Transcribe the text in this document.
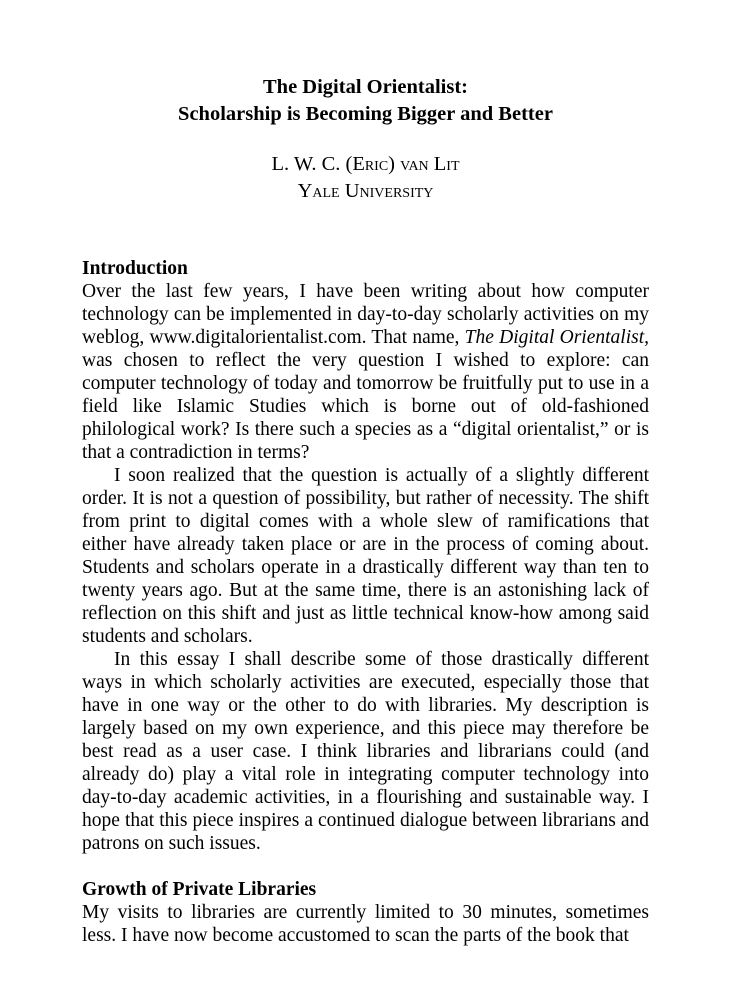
The Digital Orientalist:
Scholarship is Becoming Bigger and Better
L. W. C. (Eric) van Lit
Yale University
Introduction

Over the last few years, I have been writing about how computer technology can be implemented in day-to-day scholarly activities on my weblog, www.digitalorientalist.com. That name, The Digital Orientalist, was chosen to reflect the very question I wished to explore: can computer technology of today and tomorrow be fruitfully put to use in a field like Islamic Studies which is borne out of old-fashioned philological work? Is there such a species as a “digital orientalist,” or is that a contradiction in terms?

I soon realized that the question is actually of a slightly different order. It is not a question of possibility, but rather of necessity. The shift from print to digital comes with a whole slew of ramifications that either have already taken place or are in the process of coming about. Students and scholars operate in a drastically different way than ten to twenty years ago. But at the same time, there is an astonishing lack of reflection on this shift and just as little technical know-how among said students and scholars.

In this essay I shall describe some of those drastically different ways in which scholarly activities are executed, especially those that have in one way or the other to do with libraries. My description is largely based on my own experience, and this piece may therefore be best read as a user case. I think libraries and librarians could (and already do) play a vital role in integrating computer technology into day-to-day academic activities, in a flourishing and sustainable way. I hope that this piece inspires a continued dialogue between librarians and patrons on such issues.

Growth of Private Libraries

My visits to libraries are currently limited to 30 minutes, sometimes less. I have now become accustomed to scan the parts of the book that
